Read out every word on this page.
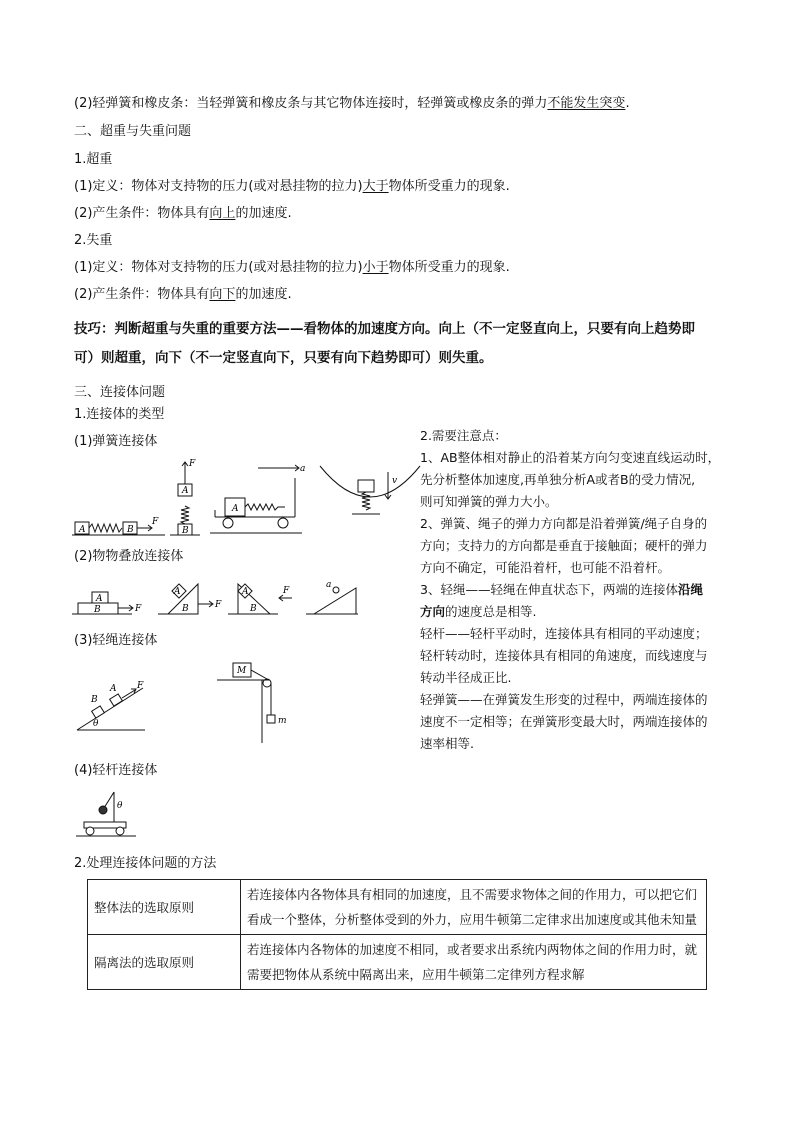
(2)轻弹簧和橡皮条：当轻弹簧和橡皮条与其它物体连接时，轻弹簧或橡皮条的弹力不能发生突变.
二、超重与失重问题
1.超重
(1)定义：物体对支持物的压力(或对悬挂物的拉力)大于物体所受重力的现象.
(2)产生条件：物体具有向上的加速度.
2.失重
(1)定义：物体对支持物的压力(或对悬挂物的拉力)小于物体所受重力的现象.
(2)产生条件：物体具有向下的加速度.
技巧：判断超重与失重的重要方法——看物体的加速度方向。向上（不一定竖直向上，只要有向上趋势即
可）则超重，向下（不一定竖直向下，只要有向下趋势即可）则失重。
三、连接体问题
1.连接体的类型
(1)弹簧连接体
(2)物物叠放连接体
(3)轻绳连接体
(4)轻杆连接体
2.处理连接体问题的方法
A	B
F
A
B
F
A
a
v
A
B	F
A
B	F
A
B
F
a
B
A F
θ
M
m
θ

2.需要注意点：

1、AB整体相对静止的沿着某方向匀变速直线运动时，

先分析整体加速度,再单独分析A或者B的受力情况,

则可知弹簧的弹力大小。

2、弹簧、绳子的弹力方向都是沿着弹簧/绳子自身的

方向；支持力的方向都是垂直于接触面；硬杆的弹力

方向不确定，可能沿着杆，也可能不沿着杆。

3、轻绳——轻绳在伸直状态下，两端的连接体沿绳

方向的速度总是相等.

轻杆——轻杆平动时，连接体具有相同的平动速度；

轻杆转动时，连接体具有相同的角速度，而线速度与

转动半径成正比.

轻弹簧——在弹簧发生形变的过程中，两端连接体的

速度不一定相等；在弹簧形变最大时，两端连接体的

速率相等.

整体法的选取原则	若连接体内各物体具有相同的加速度，且不需要求物体之间的作用力，可以把它们看成一个整体，分析整体受到的外力，应用牛顿第二定律求出加速度或其他未知量
隔离法的选取原则	若连接体内各物体的加速度不相同，或者要求出系统内两物体之间的作用力时，就需要把物体从系统中隔离出来，应用牛顿第二定律列方程求解
